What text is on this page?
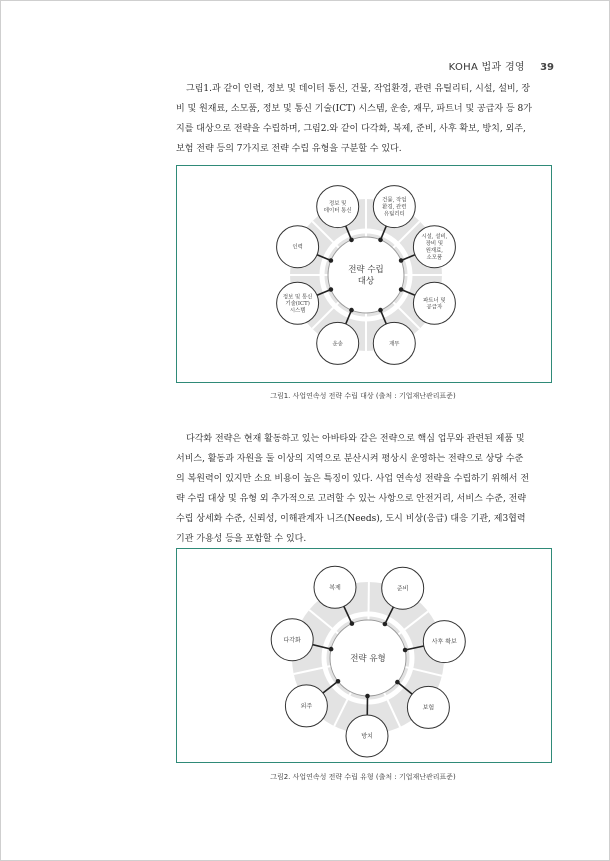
KOHA 법과 경영 39

그림1.과 같이 인력, 정보 및 데이터 통신, 건물, 작업환경, 관련 유틸리티, 시설, 설비, 장
비 및 원재료, 소모품, 정보 및 통신 기술(ICT) 시스템, 운송, 재무, 파트너 및 공급자 등 8가
지를 대상으로 전략을 수립하며, 그림2.와 같이 다각화, 복제, 준비, 사후 확보, 방치, 외주,
보험 전략 등의 7가지로 전략 수립 유형을 구분할 수 있다.

정보 및 데이터 통신
건물, 작업 환경, 관련 유틸리티
시설, 설비, 장비 및 원재료, 소모품
파트너 및 공급자
재무
운송
정보 및 통신 기술(ICT) 시스템
인력
전략 수립 대상
그림1. 사업연속성 전략 수립 대상 (출처 : 기업재난관리표준)

다각화 전략은 현재 활동하고 있는 아바타와 같은 전략으로 핵심 업무와 관련된 제품 및
서비스, 활동과 자원을 둘 이상의 지역으로 분산시켜 평상시 운영하는 전략으로 상당 수준
의 복원력이 있지만 소요 비용이 높은 특징이 있다. 사업 연속성 전략을 수립하기 위해서 전
략 수립 대상 및 유형 외 추가적으로 고려할 수 있는 사항으로 안전거리, 서비스 수준, 전략
수립 상세화 수준, 신뢰성, 이해관계자 니즈(Needs), 도시 비상(응급) 대응 기관, 제3협력
기관 가용성 등을 포함할 수 있다.

복제	준비
사후 확보
보험
방치
외주
다각화
전략 유형
그림2. 사업연속성 전략 수립 유형 (출처 : 기업재난관리표준)
